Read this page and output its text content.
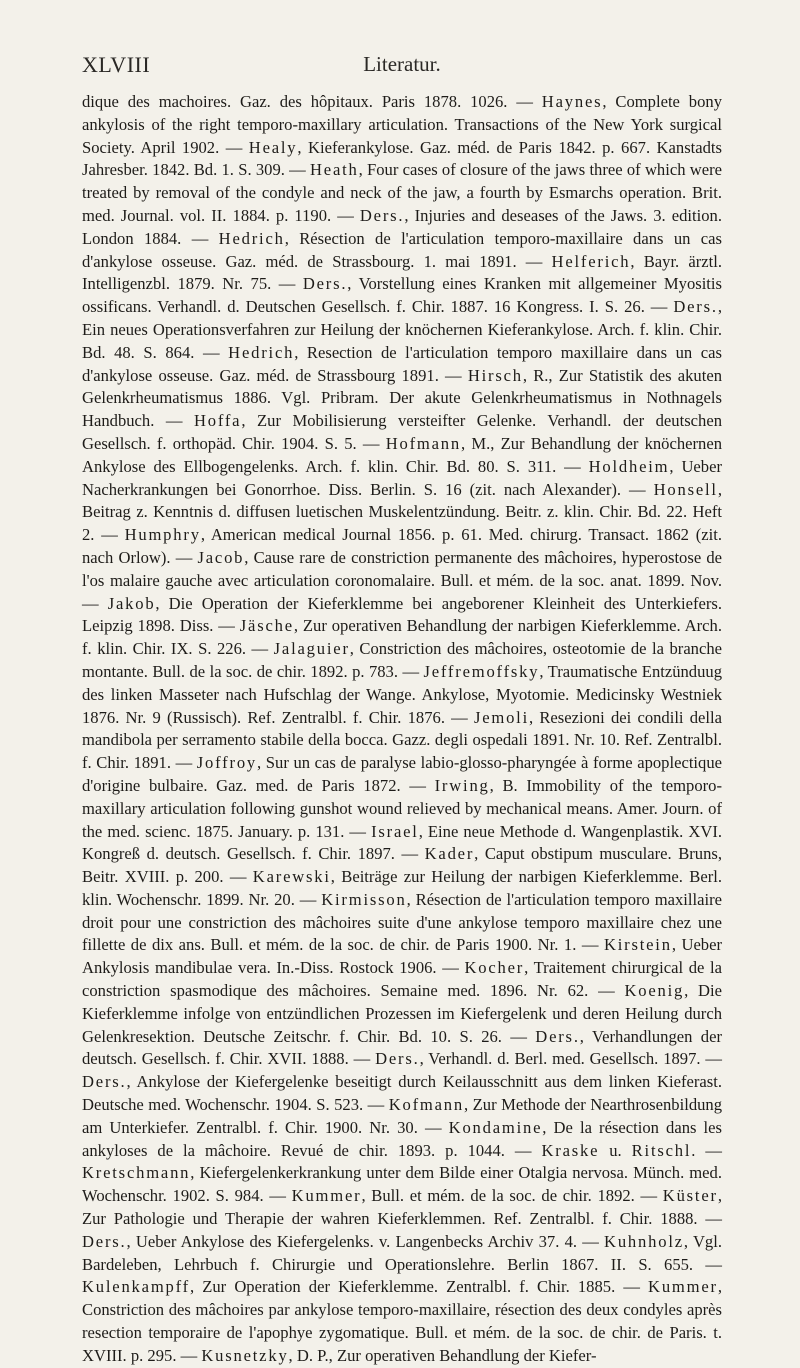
XLVIII	Literatur.

dique des machoires. Gaz. des hôpitaux. Paris 1878. 1026. — Haynes, Complete bony ankylosis of the right temporo-maxillary articulation. Transactions of the New York surgical Society. April 1902. — Healy, Kieferankylose. Gaz. méd. de Paris 1842. p. 667. Kanstadts Jahresber. 1842. Bd. 1. S. 309. — Heath, Four cases of closure of the jaws three of which were treated by removal of the condyle and neck of the jaw, a fourth by Esmarchs operation. Brit. med. Journal. vol. II. 1884. p. 1190. — Ders., Injuries and deseases of the Jaws. 3. edition. London 1884. — Hedrich, Résection de l'articulation temporo-maxillaire dans un cas d'ankylose osseuse. Gaz. méd. de Strassbourg. 1. mai 1891. — Helferich, Bayr. ärztl. Intelligenzbl. 1879. Nr. 75. — Ders., Vorstellung eines Kranken mit allgemeiner Myositis ossificans. Verhandl. d. Deutschen Gesellsch. f. Chir. 1887. 16 Kongress. I. S. 26. — Ders., Ein neues Operationsverfahren zur Heilung der knöchernen Kieferankylose. Arch. f. klin. Chir. Bd. 48. S. 864. — Hedrich, Resection de l'articulation temporo maxillaire dans un cas d'ankylose osseuse. Gaz. méd. de Strassbourg 1891. — Hirsch, R., Zur Statistik des akuten Gelenkrheumatismus 1886. Vgl. Pribram. Der akute Gelenkrheumatismus in Nothnagels Handbuch. — Hoffa, Zur Mobilisierung versteifter Gelenke. Verhandl. der deutschen Gesellsch. f. orthopäd. Chir. 1904. S. 5. — Hofmann, M., Zur Behandlung der knöchernen Ankylose des Ellbogengelenks. Arch. f. klin. Chir. Bd. 80. S. 311. — Holdheim, Ueber Nacherkrankungen bei Gonorrhoe. Diss. Berlin. S. 16 (zit. nach Alexander). — Honsell, Beitrag z. Kenntnis d. diffusen luetischen Muskelentzündung. Beitr. z. klin. Chir. Bd. 22. Heft 2. — Humphry, American medical Journal 1856. p. 61. Med. chirurg. Transact. 1862 (zit. nach Orlow). — Jacob, Cause rare de constriction permanente des mâchoires, hyperostose de l'os malaire gauche avec articulation coronomalaire. Bull. et mém. de la soc. anat. 1899. Nov. — Jakob, Die Operation der Kieferklemme bei angeborener Kleinheit des Unterkiefers. Leipzig 1898. Diss. — Jäsche, Zur operativen Behandlung der narbigen Kieferklemme. Arch. f. klin. Chir. IX. S. 226. — Jalaguier, Constriction des mâchoires, osteotomie de la branche montante. Bull. de la soc. de chir. 1892. p. 783. — Jeffremoffsky, Traumatische Entzünduug des linken Masseter nach Hufschlag der Wange. Ankylose, Myotomie. Medicinsky Westniek 1876. Nr. 9 (Russisch). Ref. Zentralbl. f. Chir. 1876. — Jemoli, Resezioni dei condili della mandibola per serramento stabile della bocca. Gazz. degli ospedali 1891. Nr. 10. Ref. Zentralbl. f. Chir. 1891. — Joffroy, Sur un cas de paralyse labio-glosso-pharyngée à forme apoplectique d'origine bulbaire. Gaz. med. de Paris 1872. — Irwing, B. Immobility of the temporo-maxillary articulation following gunshot wound relieved by mechanical means. Amer. Journ. of the med. scienc. 1875. January. p. 131. — Israel, Eine neue Methode d. Wangenplastik. XVI. Kongreß d. deutsch. Gesellsch. f. Chir. 1897. — Kader, Caput obstipum musculare. Bruns, Beitr. XVIII. p. 200. — Karewski, Beiträge zur Heilung der narbigen Kieferklemme. Berl. klin. Wochenschr. 1899. Nr. 20. — Kirmisson, Résection de l'articulation temporo maxillaire droit pour une constriction des mâchoires suite d'une ankylose temporo maxillaire chez une fillette de dix ans. Bull. et mém. de la soc. de chir. de Paris 1900. Nr. 1. — Kirstein, Ueber Ankylosis mandibulae vera. In.-Diss. Rostock 1906. — Kocher, Traitement chirurgical de la constriction spasmodique des mâchoires. Semaine med. 1896. Nr. 62. — Koenig, Die Kieferklemme infolge von entzündlichen Prozessen im Kiefergelenk und deren Heilung durch Gelenkresektion. Deutsche Zeitschr. f. Chir. Bd. 10. S. 26. — Ders., Verhandlungen der deutsch. Gesellsch. f. Chir. XVII. 1888. — Ders., Verhandl. d. Berl. med. Gesellsch. 1897. — Ders., Ankylose der Kiefergelenke beseitigt durch Keilausschnitt aus dem linken Kieferast. Deutsche med. Wochenschr. 1904. S. 523. — Kofmann, Zur Methode der Nearthrosenbildung am Unterkiefer. Zentralbl. f. Chir. 1900. Nr. 30. — Kondamine, De la résection dans les ankyloses de la mâchoire. Revué de chir. 1893. p. 1044. — Kraske u. Ritschl. — Kretschmann, Kiefergelenkerkrankung unter dem Bilde einer Otalgia nervosa. Münch. med. Wochenschr. 1902. S. 984. — Kummer, Bull. et mém. de la soc. de chir. 1892. — Küster, Zur Pathologie und Therapie der wahren Kieferklemmen. Ref. Zentralbl. f. Chir. 1888. — Ders., Ueber Ankylose des Kiefergelenks. v. Langenbecks Archiv 37. 4. — Kuhnholz, Vgl. Bardeleben, Lehrbuch f. Chirurgie und Operationslehre. Berlin 1867. II. S. 655. — Kulenkampff, Zur Operation der Kieferklemme. Zentralbl. f. Chir. 1885. — Kummer, Constriction des mâchoires par ankylose temporo-maxillaire, résection des deux condyles après resection temporaire de l'apophye zygomatique. Bull. et mém. de la soc. de chir. de Paris. t. XVIII. p. 295. — Kusnetzky, D. P., Zur operativen Behandlung der Kiefer-
